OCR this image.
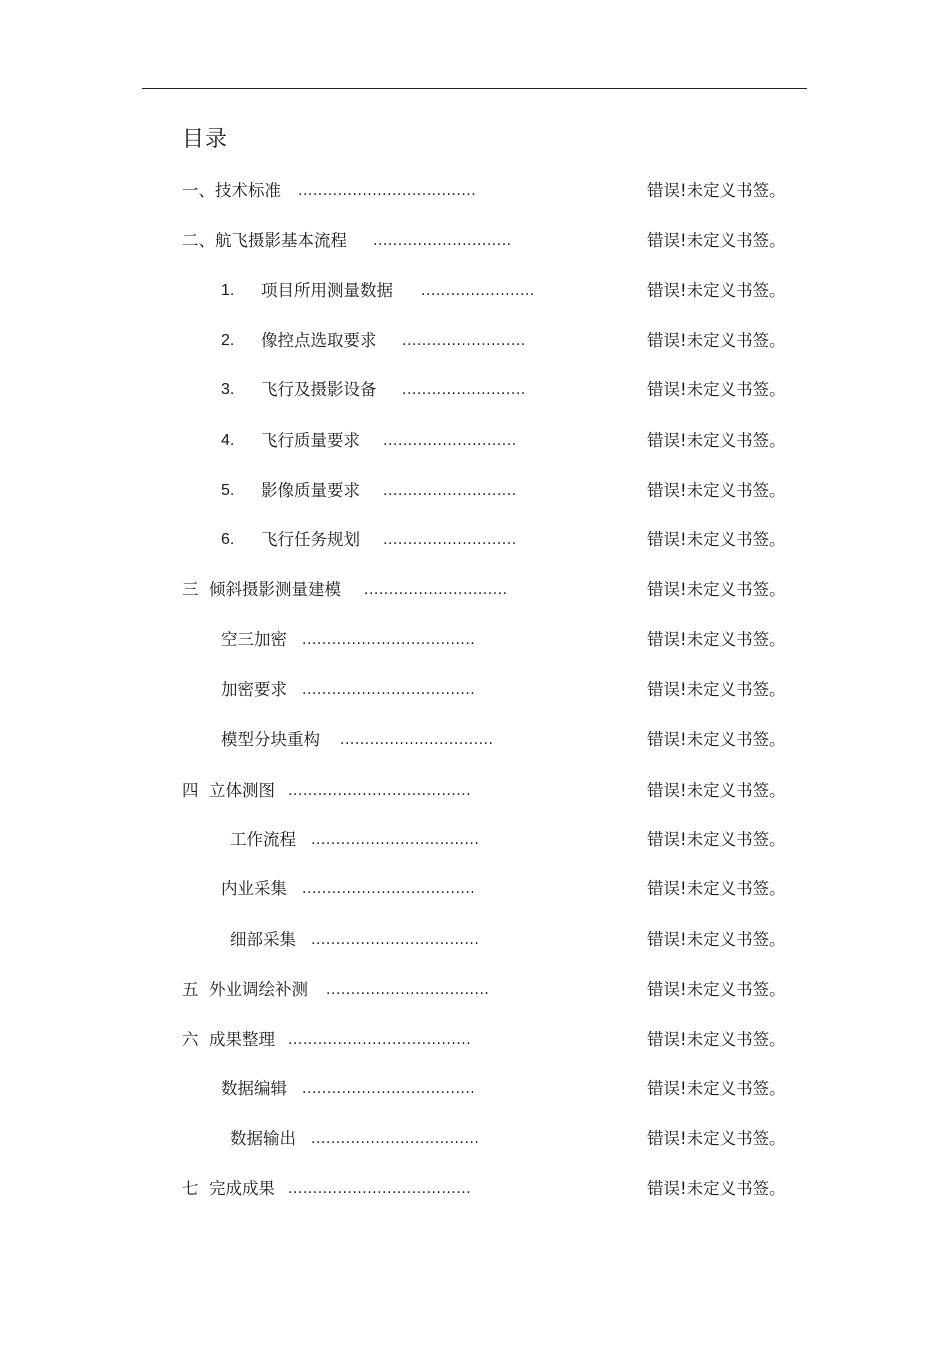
目录
一、技术标准 ....................................	错误!未定义书签。
二、航飞摄影基本流程 ............................	错误!未定义书签。
1. 项目所用测量数据 .......................	错误!未定义书签。
2. 像控点选取要求 .........................	错误!未定义书签。
3. 飞行及摄影设备 .........................	错误!未定义书签。
4. 飞行质量要求 ...........................	错误!未定义书签。
5. 影像质量要求 ...........................	错误!未定义书签。
6. 飞行任务规划 ...........................	错误!未定义书签。
三  倾斜摄影测量建模 .............................	错误!未定义书签。
空三加密 ...................................	错误!未定义书签。
加密要求 ...................................	错误!未定义书签。
模型分块重构 ...............................	错误!未定义书签。
四  立体测图 .....................................	错误!未定义书签。
工作流程 ..................................	错误!未定义书签。
内业采集 ...................................	错误!未定义书签。
细部采集 ..................................	错误!未定义书签。
五  外业调绘补测 .................................	错误!未定义书签。
六  成果整理 .....................................	错误!未定义书签。
数据编辑 ...................................	错误!未定义书签。
数据输出 ..................................	错误!未定义书签。
七  完成成果 .....................................	错误!未定义书签。
